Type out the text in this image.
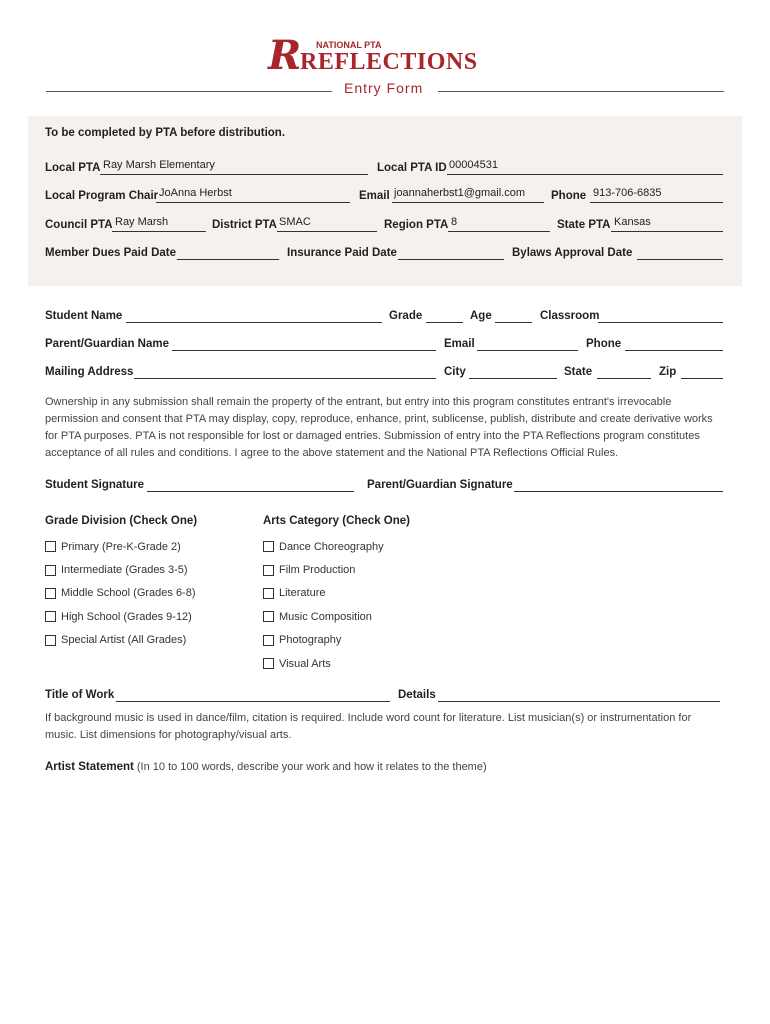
R NATIONAL PTA
REFLECTIONS
Entry Form
To be completed by PTA before distribution.
Local PTA Ray Marsh Elementary	Local PTA ID 00004531
Local Program Chair JoAnna Herbst	Email joannaherbst1@gmail.com Phone 913-706-6835
Council PTA Ray Marsh	District PTA SMAC	Region PTA 8	State PTA Kansas
Member Dues Paid Date	Insurance Paid Date	Bylaws Approval Date
Student Name	Grade	Age	Classroom
Parent/Guardian Name	Email	Phone
Mailing Address	City	State	Zip
Ownership in any submission shall remain the property of the entrant, but entry into this program constitutes entrant's irrevocable permission and consent that PTA may display, copy, reproduce, enhance, print, sublicense, publish, distribute and create derivative works for PTA purposes. PTA is not responsible for lost or damaged entries. Submission of entry into the PTA Reflections program constitutes acceptance of all rules and conditions. I agree to the above statement and the National PTA Reflections Official Rules.
Student Signature	Parent/Guardian Signature
Grade Division (Check One)
Primary (Pre-K-Grade 2)
Intermediate (Grades 3-5)
Middle School (Grades 6-8)
High School (Grades 9-12)
Special Artist (All Grades)
Arts Category (Check One)
Dance Choreography
Film Production
Literature
Music Composition
Photography
Visual Arts
Title of Work	Details
If background music is used in dance/film, citation is required. Include word count for literature. List musician(s) or instrumentation for music. List dimensions for photography/visual arts.
Artist Statement (In 10 to 100 words, describe your work and how it relates to the theme)
